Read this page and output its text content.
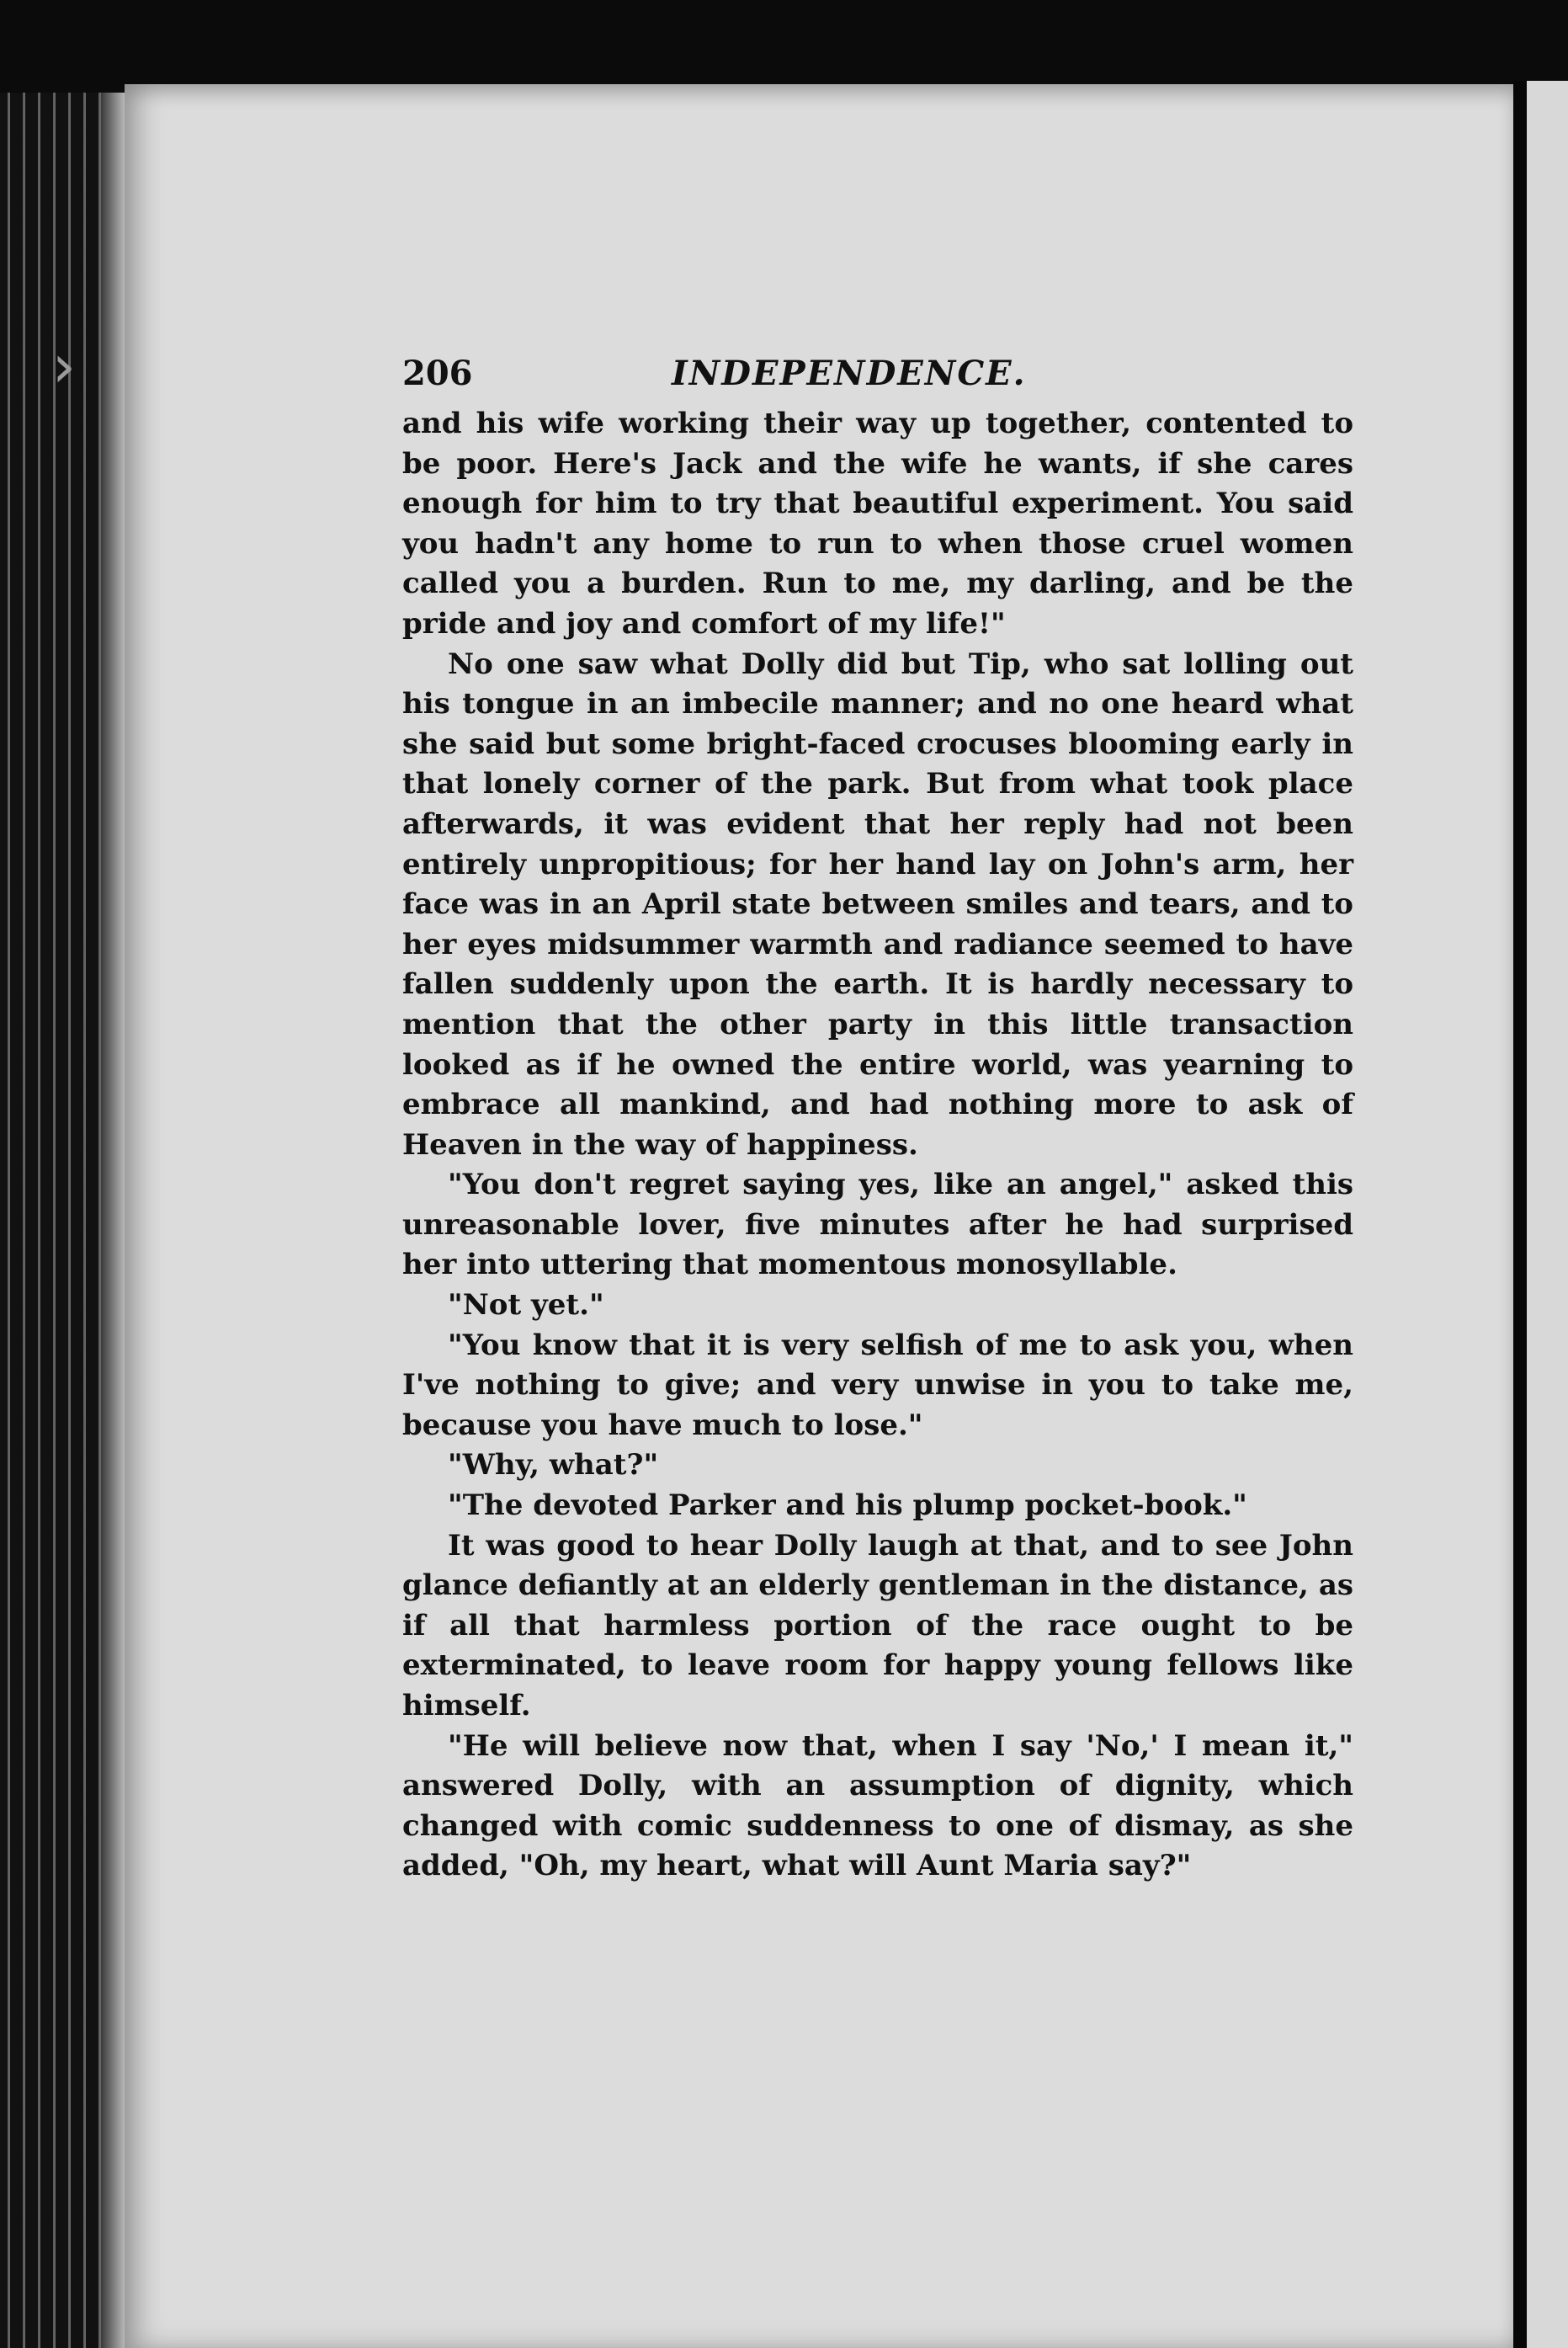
›	206	INDEPENDENCE.

and his wife working their way up together, contented to be poor. Here's Jack and the wife he wants, if she cares enough for him to try that beautiful experiment. You said you hadn't any home to run to when those cruel women called you a burden. Run to me, my darling, and be the pride and joy and comfort of my life!"

No one saw what Dolly did but Tip, who sat lolling out his tongue in an imbecile manner; and no one heard what she said but some bright-faced crocuses blooming early in that lonely corner of the park. But from what took place afterwards, it was evident that her reply had not been entirely unpropitious; for her hand lay on John's arm, her face was in an April state between smiles and tears, and to her eyes midsummer warmth and radiance seemed to have fallen suddenly upon the earth. It is hardly necessary to mention that the other party in this little transaction looked as if he owned the entire world, was yearning to embrace all mankind, and had nothing more to ask of Heaven in the way of happiness.

"You don't regret saying yes, like an angel," asked this unreasonable lover, five minutes after he had surprised her into uttering that momentous monosyllable.

"Not yet."

"You know that it is very selfish of me to ask you, when I've nothing to give; and very unwise in you to take me, because you have much to lose."

"Why, what?"

"The devoted Parker and his plump pocket-book."

It was good to hear Dolly laugh at that, and to see John glance defiantly at an elderly gentleman in the distance, as if all that harmless portion of the race ought to be exterminated, to leave room for happy young fellows like himself.

"He will believe now that, when I say 'No,' I mean it," answered Dolly, with an assumption of dignity, which changed with comic suddenness to one of dismay, as she added, "Oh, my heart, what will Aunt Maria say?"
